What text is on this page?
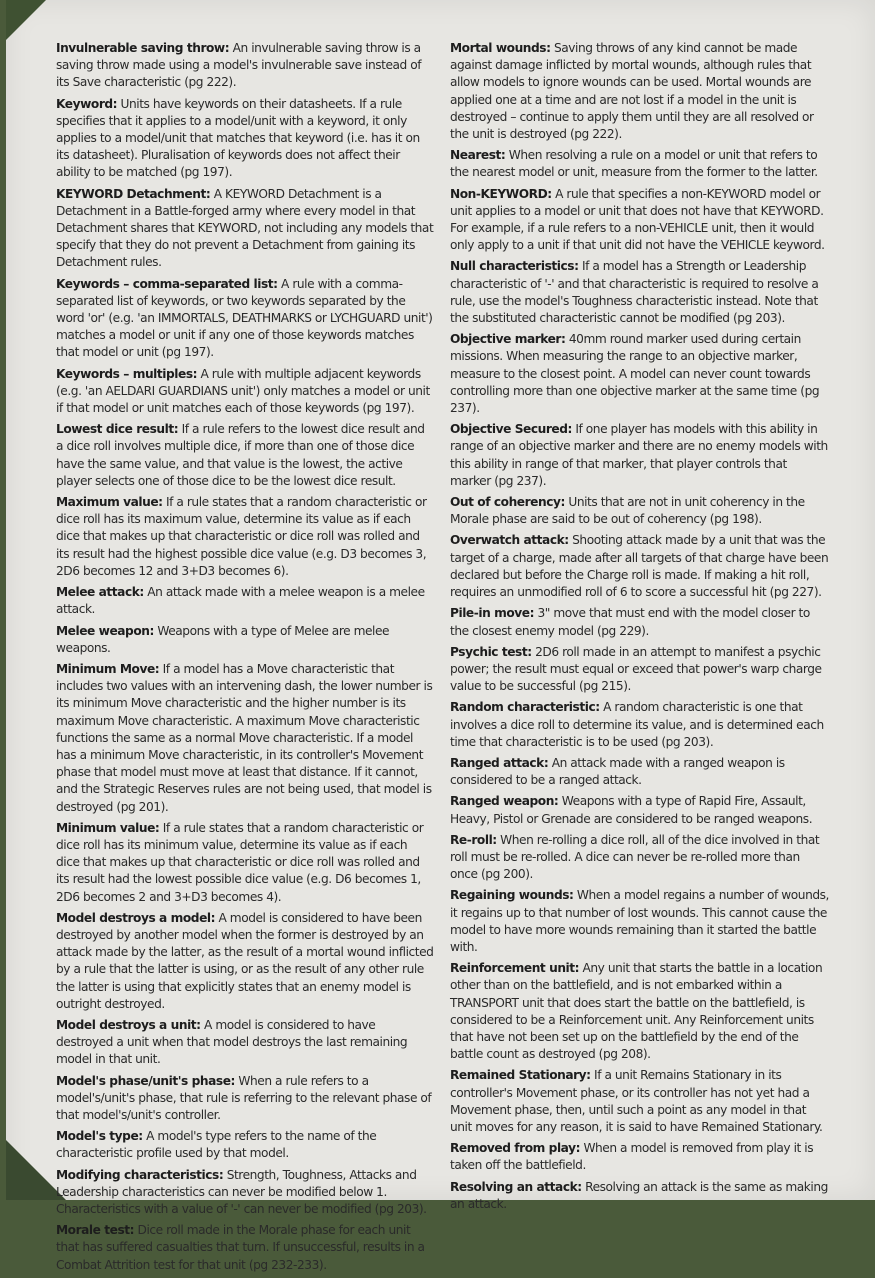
Invulnerable saving throw: An invulnerable saving throw is a saving throw made using a model's invulnerable save instead of its Save characteristic (pg 222).

Keyword: Units have keywords on their datasheets. If a rule specifies that it applies to a model/unit with a keyword, it only applies to a model/unit that matches that keyword (i.e. has it on its datasheet). Pluralisation of keywords does not affect their ability to be matched (pg 197).

KEYWORD Detachment: A KEYWORD Detachment is a Detachment in a Battle-forged army where every model in that Detachment shares that KEYWORD, not including any models that specify that they do not prevent a Detachment from gaining its Detachment rules.

Keywords – comma-separated list: A rule with a comma-separated list of keywords, or two keywords separated by the word 'or' (e.g. 'an IMMORTALS, DEATHMARKS or LYCHGUARD unit') matches a model or unit if any one of those keywords matches that model or unit (pg 197).

Keywords – multiples: A rule with multiple adjacent keywords (e.g. 'an AELDARI GUARDIANS unit') only matches a model or unit if that model or unit matches each of those keywords (pg 197).

Lowest dice result: If a rule refers to the lowest dice result and a dice roll involves multiple dice, if more than one of those dice have the same value, and that value is the lowest, the active player selects one of those dice to be the lowest dice result.

Maximum value: If a rule states that a random characteristic or dice roll has its maximum value, determine its value as if each dice that makes up that characteristic or dice roll was rolled and its result had the highest possible dice value (e.g. D3 becomes 3, 2D6 becomes 12 and 3+D3 becomes 6).

Melee attack: An attack made with a melee weapon is a melee attack.

Melee weapon: Weapons with a type of Melee are melee weapons.

Minimum Move: If a model has a Move characteristic that includes two values with an intervening dash, the lower number is its minimum Move characteristic and the higher number is its maximum Move characteristic. A maximum Move characteristic functions the same as a normal Move characteristic. If a model has a minimum Move characteristic, in its controller's Movement phase that model must move at least that distance. If it cannot, and the Strategic Reserves rules are not being used, that model is destroyed (pg 201).

Minimum value: If a rule states that a random characteristic or dice roll has its minimum value, determine its value as if each dice that makes up that characteristic or dice roll was rolled and its result had the lowest possible dice value (e.g. D6 becomes 1, 2D6 becomes 2 and 3+D3 becomes 4).

Model destroys a model: A model is considered to have been destroyed by another model when the former is destroyed by an attack made by the latter, as the result of a mortal wound inflicted by a rule that the latter is using, or as the result of any other rule the latter is using that explicitly states that an enemy model is outright destroyed.

Model destroys a unit: A model is considered to have destroyed a unit when that model destroys the last remaining model in that unit.

Model's phase/unit's phase: When a rule refers to a model's/unit's phase, that rule is referring to the relevant phase of that model's/unit's controller.

Model's type: A model's type refers to the name of the characteristic profile used by that model.

Modifying characteristics: Strength, Toughness, Attacks and Leadership characteristics can never be modified below 1. Characteristics with a value of '-' can never be modified (pg 203).

Morale test: Dice roll made in the Morale phase for each unit that has suffered casualties that turn. If unsuccessful, results in a Combat Attrition test for that unit (pg 232-233).

Mortal wounds: Saving throws of any kind cannot be made against damage inflicted by mortal wounds, although rules that allow models to ignore wounds can be used. Mortal wounds are applied one at a time and are not lost if a model in the unit is destroyed – continue to apply them until they are all resolved or the unit is destroyed (pg 222).

Nearest: When resolving a rule on a model or unit that refers to the nearest model or unit, measure from the former to the latter.

Non-KEYWORD: A rule that specifies a non-KEYWORD model or unit applies to a model or unit that does not have that KEYWORD. For example, if a rule refers to a non-VEHICLE unit, then it would only apply to a unit if that unit did not have the VEHICLE keyword.

Null characteristics: If a model has a Strength or Leadership characteristic of '-' and that characteristic is required to resolve a rule, use the model's Toughness characteristic instead. Note that the substituted characteristic cannot be modified (pg 203).

Objective marker: 40mm round marker used during certain missions. When measuring the range to an objective marker, measure to the closest point. A model can never count towards controlling more than one objective marker at the same time (pg 237).

Objective Secured: If one player has models with this ability in range of an objective marker and there are no enemy models with this ability in range of that marker, that player controls that marker (pg 237).

Out of coherency: Units that are not in unit coherency in the Morale phase are said to be out of coherency (pg 198).

Overwatch attack: Shooting attack made by a unit that was the target of a charge, made after all targets of that charge have been declared but before the Charge roll is made. If making a hit roll, requires an unmodified roll of 6 to score a successful hit (pg 227).

Pile-in move: 3" move that must end with the model closer to the closest enemy model (pg 229).

Psychic test: 2D6 roll made in an attempt to manifest a psychic power; the result must equal or exceed that power's warp charge value to be successful (pg 215).

Random characteristic: A random characteristic is one that involves a dice roll to determine its value, and is determined each time that characteristic is to be used (pg 203).

Ranged attack: An attack made with a ranged weapon is considered to be a ranged attack.

Ranged weapon: Weapons with a type of Rapid Fire, Assault, Heavy, Pistol or Grenade are considered to be ranged weapons.

Re-roll: When re-rolling a dice roll, all of the dice involved in that roll must be re-rolled. A dice can never be re-rolled more than once (pg 200).

Regaining wounds: When a model regains a number of wounds, it regains up to that number of lost wounds. This cannot cause the model to have more wounds remaining than it started the battle with.

Reinforcement unit: Any unit that starts the battle in a location other than on the battlefield, and is not embarked within a TRANSPORT unit that does start the battle on the battlefield, is considered to be a Reinforcement unit. Any Reinforcement units that have not been set up on the battlefield by the end of the battle count as destroyed (pg 208).

Remained Stationary: If a unit Remains Stationary in its controller's Movement phase, or its controller has not yet had a Movement phase, then, until such a point as any model in that unit moves for any reason, it is said to have Remained Stationary.

Removed from play: When a model is removed from play it is taken off the battlefield.

Resolving an attack: Resolving an attack is the same as making an attack.
